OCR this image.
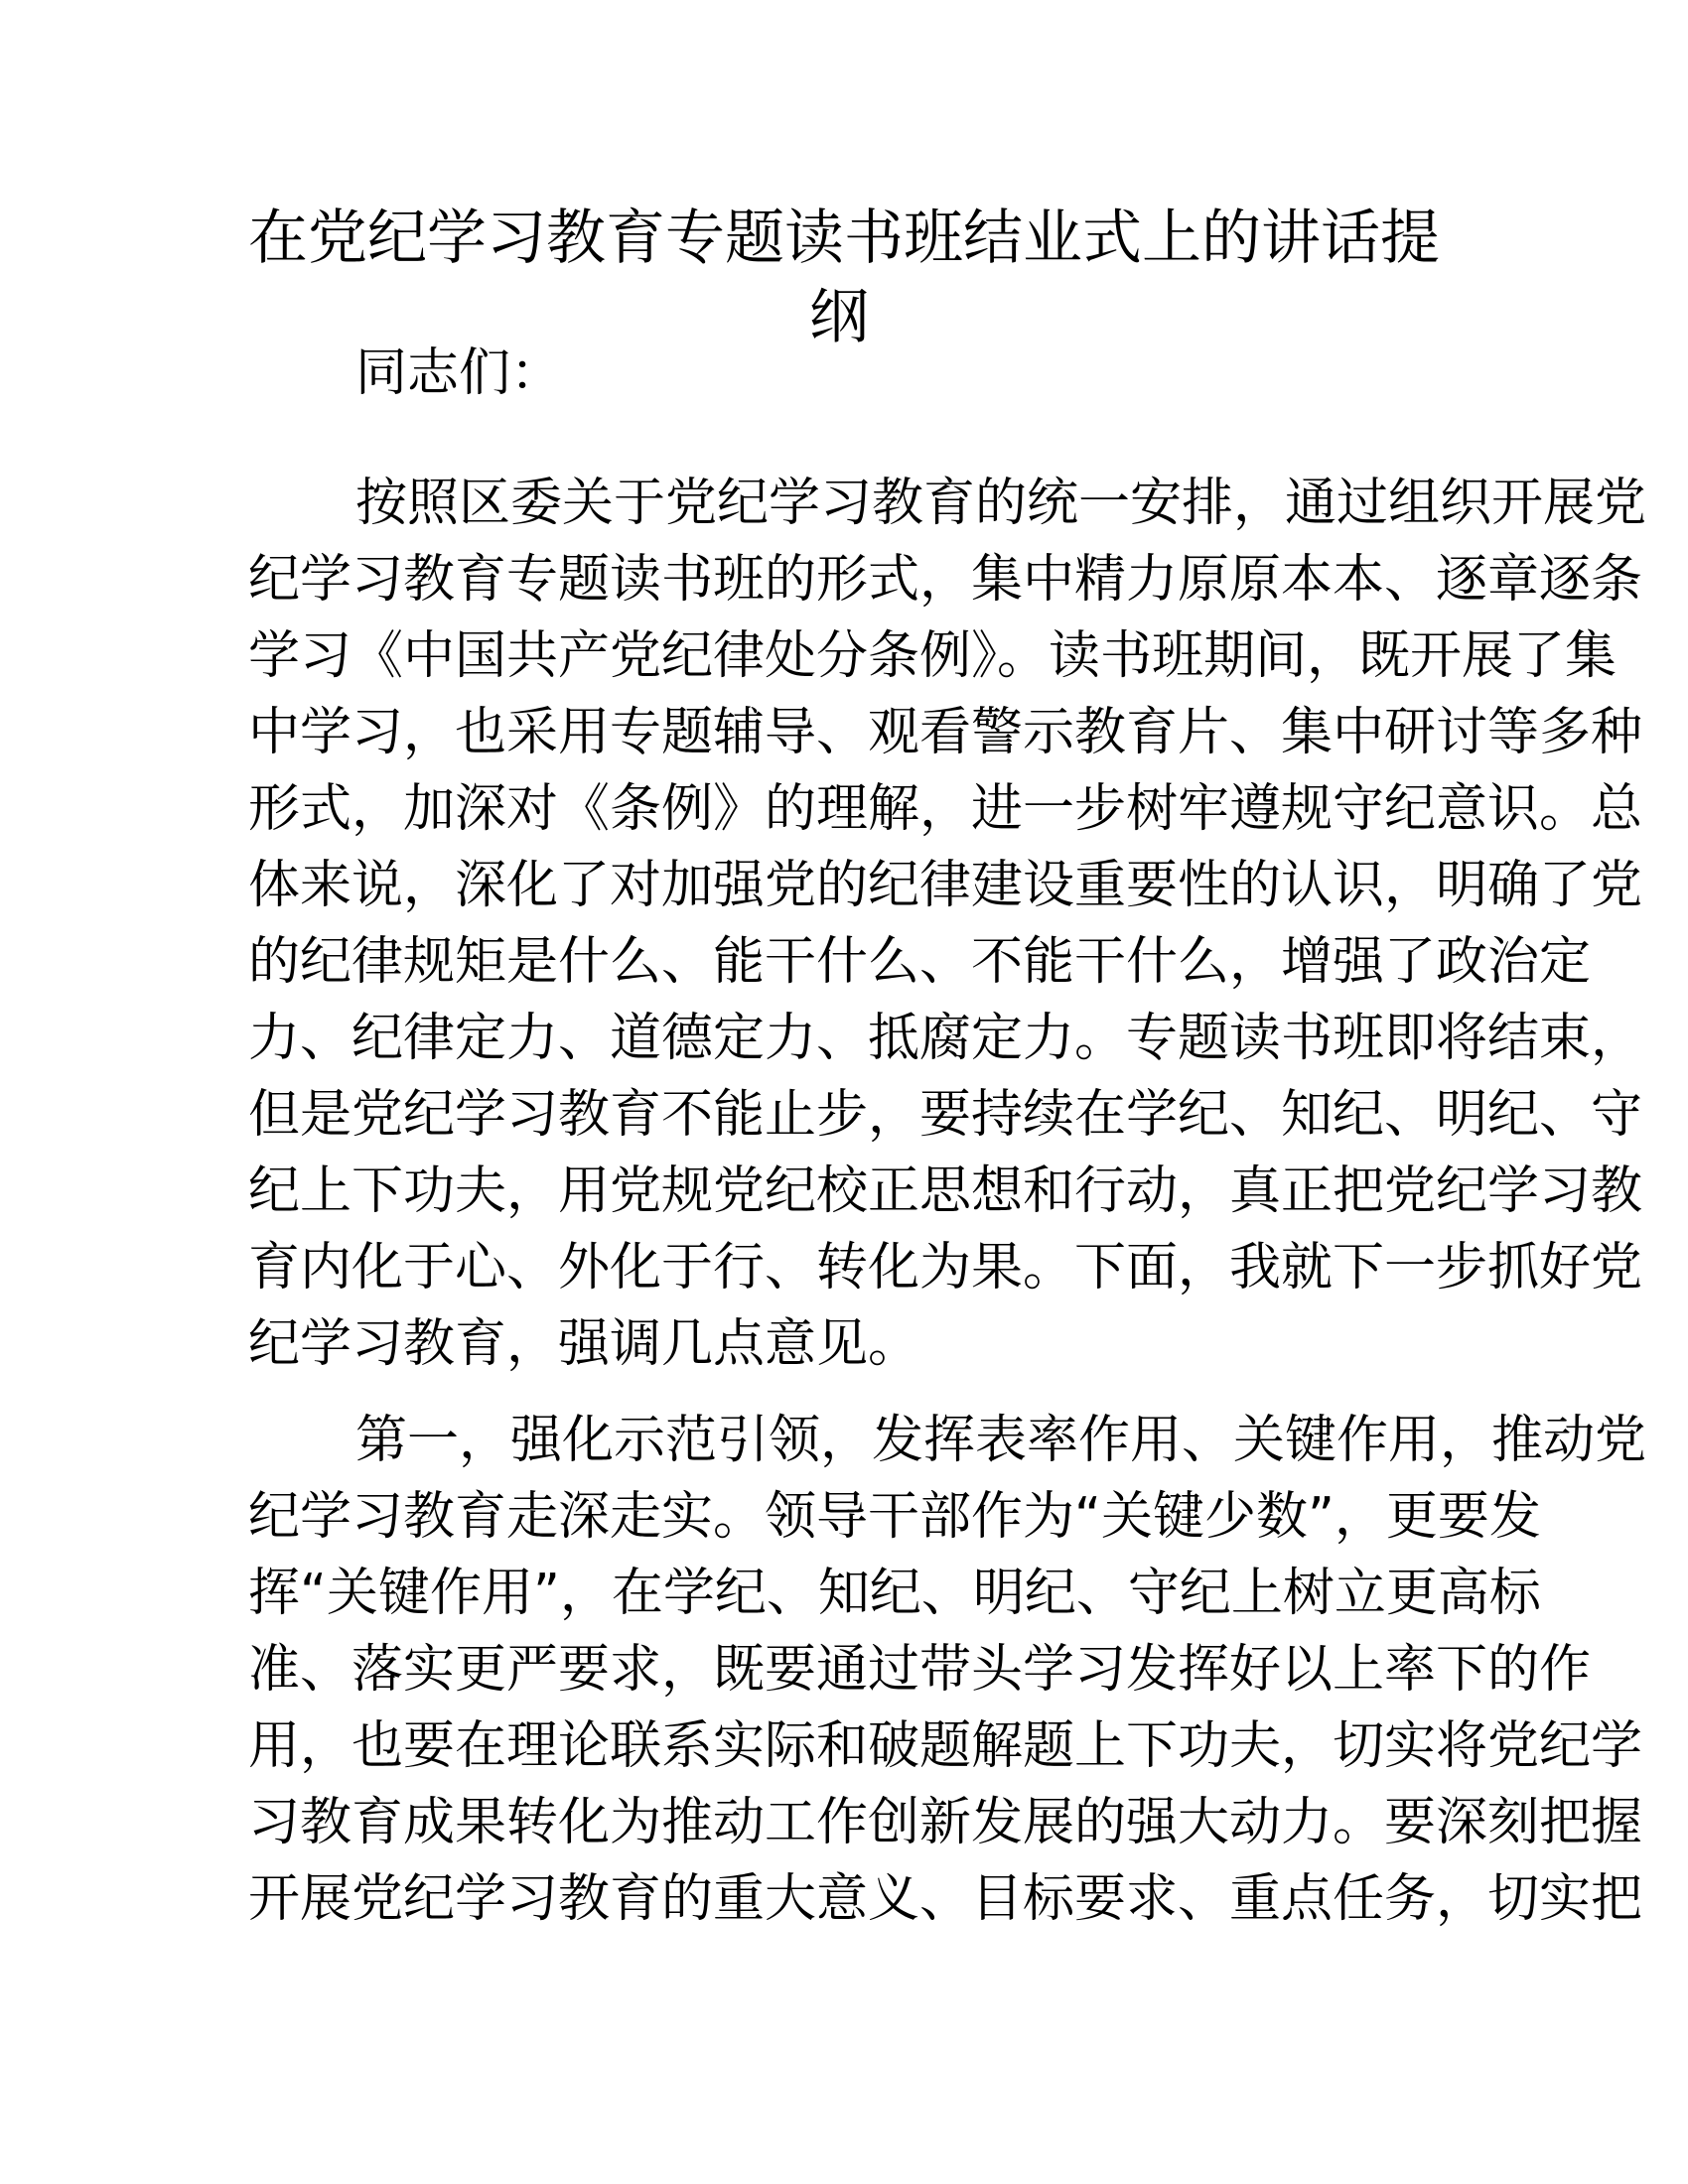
在党纪学习教育专题读书班结业式上的讲话提
纲
同志们：
按照区委关于党纪学习教育的统一安排，通过组织开展党
纪学习教育专题读书班的形式，集中精力原原本本、逐章逐条
学习《中国共产党纪律处分条例》。读书班期间，既开展了集
中学习，也采用专题辅导、观看警示教育片、集中研讨等多种
形式，加深对《条例》的理解，进一步树牢遵规守纪意识。总
体来说，深化了对加强党的纪律建设重要性的认识，明确了党
的纪律规矩是什么、能干什么、不能干什么，增强了政治定
力、纪律定力、道德定力、抵腐定力。专题读书班即将结束，
但是党纪学习教育不能止步，要持续在学纪、知纪、明纪、守
纪上下功夫，用党规党纪校正思想和行动，真正把党纪学习教
育内化于心、外化于行、转化为果。下面，我就下一步抓好党
纪学习教育，强调几点意见。
第一，强化示范引领，发挥表率作用、关键作用，推动党
纪学习教育走深走实。领导干部作为“关键少数”，更要发
挥“关键作用”，在学纪、知纪、明纪、守纪上树立更高标
准、落实更严要求，既要通过带头学习发挥好以上率下的作
用，也要在理论联系实际和破题解题上下功夫，切实将党纪学
习教育成果转化为推动工作创新发展的强大动力。要深刻把握
开展党纪学习教育的重大意义、目标要求、重点任务，切实把
